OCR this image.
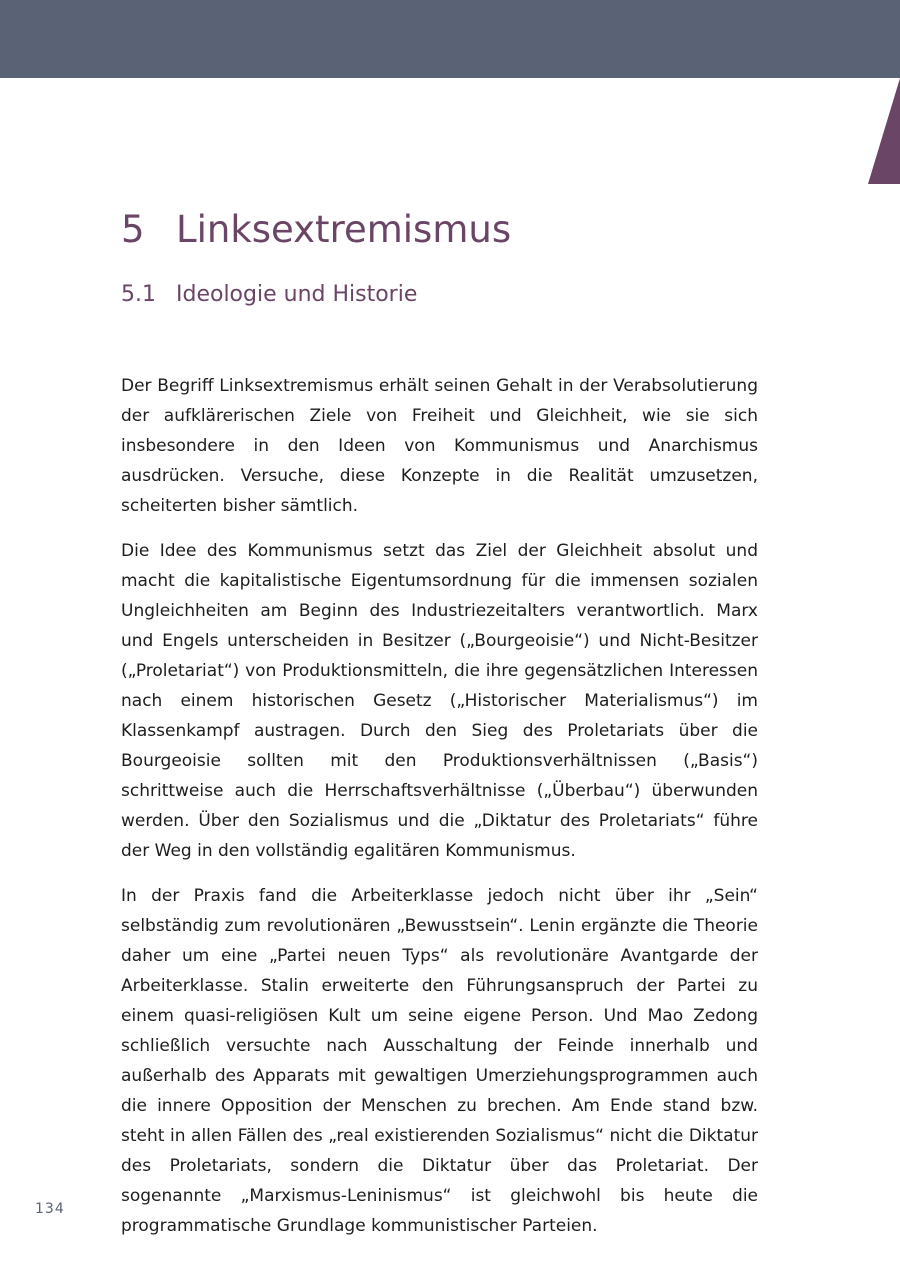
5 Linksextremismus
5.1 Ideologie und Historie

Der Begriff Linksextremismus erhält seinen Gehalt in der Verabsolutierung der aufklärerischen Ziele von Freiheit und Gleichheit, wie sie sich insbesondere in den Ideen von Kommunismus und Anarchismus ausdrücken. Versuche, diese Konzepte in die Realität umzusetzen, scheiterten bisher sämtlich.

Die Idee des Kommunismus setzt das Ziel der Gleichheit absolut und macht die kapitalistische Eigentumsordnung für die immensen sozialen Ungleichheiten am Beginn des Industriezeitalters verantwortlich. Marx und Engels unterscheiden in Besitzer („Bourgeoisie“) und Nicht-Besitzer („Proletariat“) von Produktionsmitteln, die ihre gegensätzlichen Interessen nach einem historischen Gesetz („Historischer Materialismus“) im Klassenkampf austragen. Durch den Sieg des Proletariats über die Bourgeoisie sollten mit den Produktionsverhältnissen („Basis“) schrittweise auch die Herrschaftsverhältnisse („Überbau“) überwunden werden. Über den Sozialismus und die „Diktatur des Proletariats“ führe der Weg in den vollständig egalitären Kommunismus.

In der Praxis fand die Arbeiterklasse jedoch nicht über ihr „Sein“ selbständig zum revolutionären „Bewusstsein“. Lenin ergänzte die Theorie daher um eine „Partei neuen Typs“ als revolutionäre Avantgarde der Arbeiterklasse. Stalin erweiterte den Führungsanspruch der Partei zu einem quasi-religiösen Kult um seine eigene Person. Und Mao Zedong schließlich versuchte nach Ausschaltung der Feinde innerhalb und außerhalb des Apparats mit gewaltigen Umerziehungsprogrammen auch die innere Opposition der Menschen zu brechen. Am Ende stand bzw. steht in allen Fällen des „real existierenden Sozialismus“ nicht die Diktatur des Proletariats, sondern die Diktatur über das Proletariat. Der sogenannte „Marxismus-Leninismus“ ist gleichwohl bis heute die programmatische Grundlage kommunistischer Parteien.

134
